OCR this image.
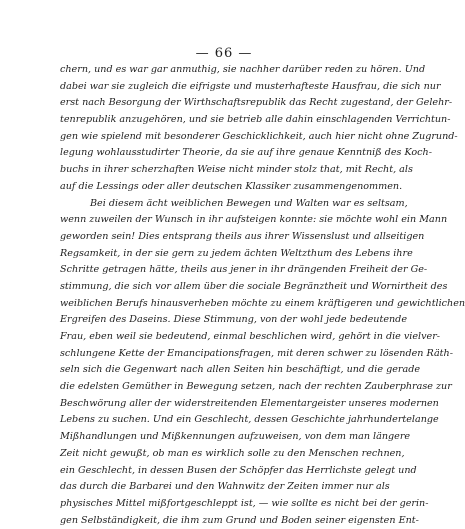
— 66 —
chern, und es war gar anmuthig, sie nachher darüber reden zu hören. Und
dabei war sie zugleich die eifrigste und musterhafteste Hausfrau, die sich nur
erst nach Besorgung der Wirthschaftsrepublik das Recht zugestand, der Gelehr-
tenrepublik anzugehören, und sie betrieb alle dahin einschlagenden Verrichtun-
gen wie spielend mit besonderer Geschicklichkeit, auch hier nicht ohne Zugrund-
legung wohlausstudirter Theorie, da sie auf ihre genaue Kenntniß des Koch-
buchs in ihrer scherzhaften Weise nicht minder stolz that, mit Recht, als
auf die Lessings oder aller deutschen Klassiker zusammengenommen.
Bei diesem ächt weiblichen Bewegen und Walten war es seltsam,
wenn zuweilen der Wunsch in ihr aufsteigen konnte: sie möchte wohl ein Mann
geworden sein! Dies entsprang theils aus ihrer Wissenslust und allseitigen
Regsamkeit, in der sie gern zu jedem ächten Weltzthum des Lebens ihre
Schritte getragen hätte, theils aus jener in ihr drängenden Freiheit der Ge-
stimmung, die sich vor allem über die sociale Begränztheit und Wornirtheit des
weiblichen Berufs hinausverheben möchte zu einem kräftigeren und gewichtlichen
Ergreifen des Daseins. Diese Stimmung, von der wohl jede bedeutende
Frau, eben weil sie bedeutend, einmal beschlichen wird, gehört in die vielver-
schlungene Kette der Emancipationsfragen, mit deren schwer zu lösenden Räth-
seln sich die Gegenwart nach allen Seiten hin beschäftigt, und die gerade
die edelsten Gemüther in Bewegung setzen, nach der rechten Zauberphrase zur
Beschwörung aller der widerstreitenden Elementargeister unseres modernen
Lebens zu suchen. Und ein Geschlecht, dessen Geschichte jahrhundertelange
Mißhandlungen und Mißkennungen aufzuweisen, von dem man längere
Zeit nicht gewußt, ob man es wirklich solle zu den Menschen rechnen,
ein Geschlecht, in dessen Busen der Schöpfer das Herrlichste gelegt und
das durch die Barbarei und den Wahnwitz der Zeiten immer nur als
physisches Mittel mißfortgeschleppt ist, — wie sollte es nicht bei der gerin-
gen Selbständigkeit, die ihm zum Grund und Boden seiner eigensten Ent-
